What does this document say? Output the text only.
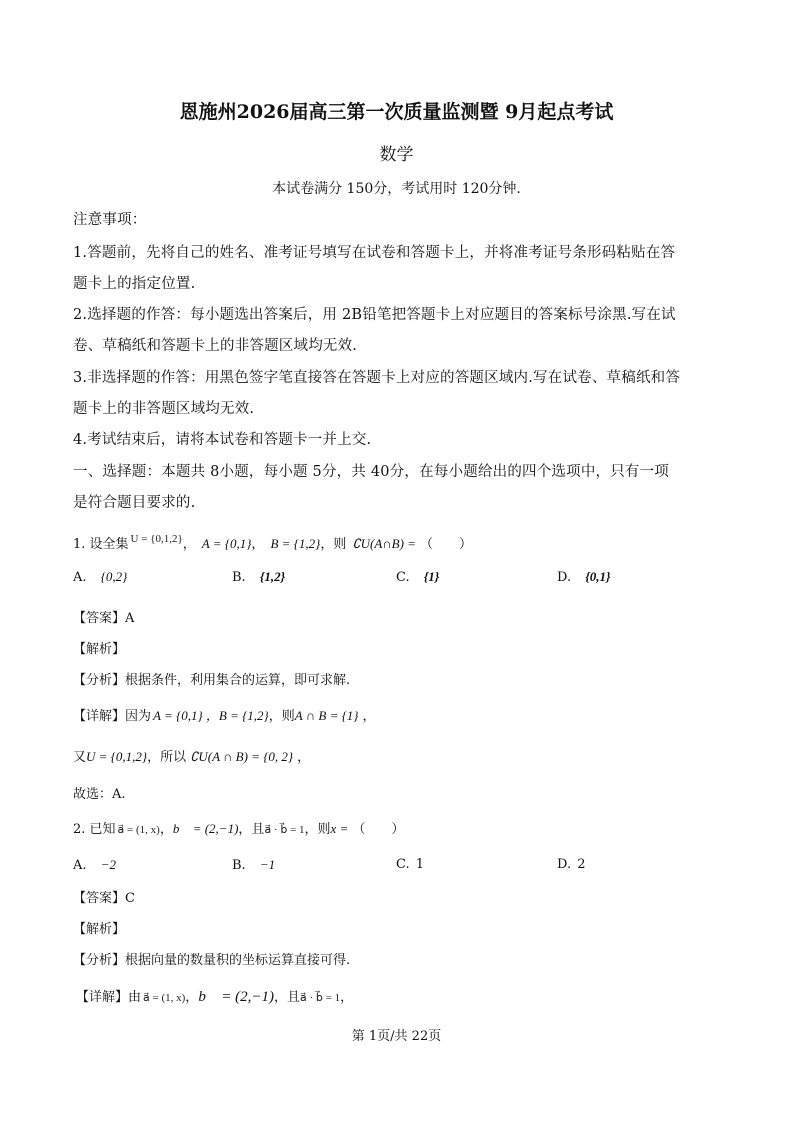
恩施州2026届高三第一次质量监测暨 9月起点考试
数学
本试卷满分 150分，考试用时 120分钟.
注意事项：
1.答题前，先将自己的姓名、准考证号填写在试卷和答题卡上，并将准考证号条形码粘贴在答
题卡上的指定位置.
2.选择题的作答：每小题选出答案后，用 2B铅笔把答题卡上对应题目的答案标号涂黑.写在试
卷、草稿纸和答题卡上的非答题区域均无效.
3.非选择题的作答：用黑色签字笔直接答在答题卡上对应的答题区域内.写在试卷、草稿纸和答
题卡上的非答题区域均无效.
4.考试结束后，请将本试卷和答题卡一并上交.
一、选择题：本题共 8小题，每小题 5分，共 40分，在每小题给出的四个选项中，只有一项
是符合题目要求的.
1. 设全集 $^{U = \{0,1,2\}}$， A = {0,1}， B = {1,2}，则 ∁U(A∩B) = （　　）
A. {0,2}	B. {1,2}	C. {1}	D. {0,1}
【答案】A
【解析】
【分析】根据条件，利用集合的运算，即可求解.
【详解】因为 A = {0,1} ，B = {1,2}，则A ∩ B = {1} ，
又U = {0,1,2}，所以 ∁U(A ∩ B) = {0, 2} ，
故选：A.
2. 已知 a⃗ = (1, x)，b⃗ = (2,−1)，且a⃗ · b⃗ = 1，则x = （　　）
A. −2	B. −1	C. 1	D. 2
【答案】C
【解析】
【分析】根据向量的数量积的坐标运算直接可得.
【详解】由 a⃗ = (1, x)，b⃗ = (2,−1)，且a⃗ · b⃗ = 1，
第 1页/共 22页
